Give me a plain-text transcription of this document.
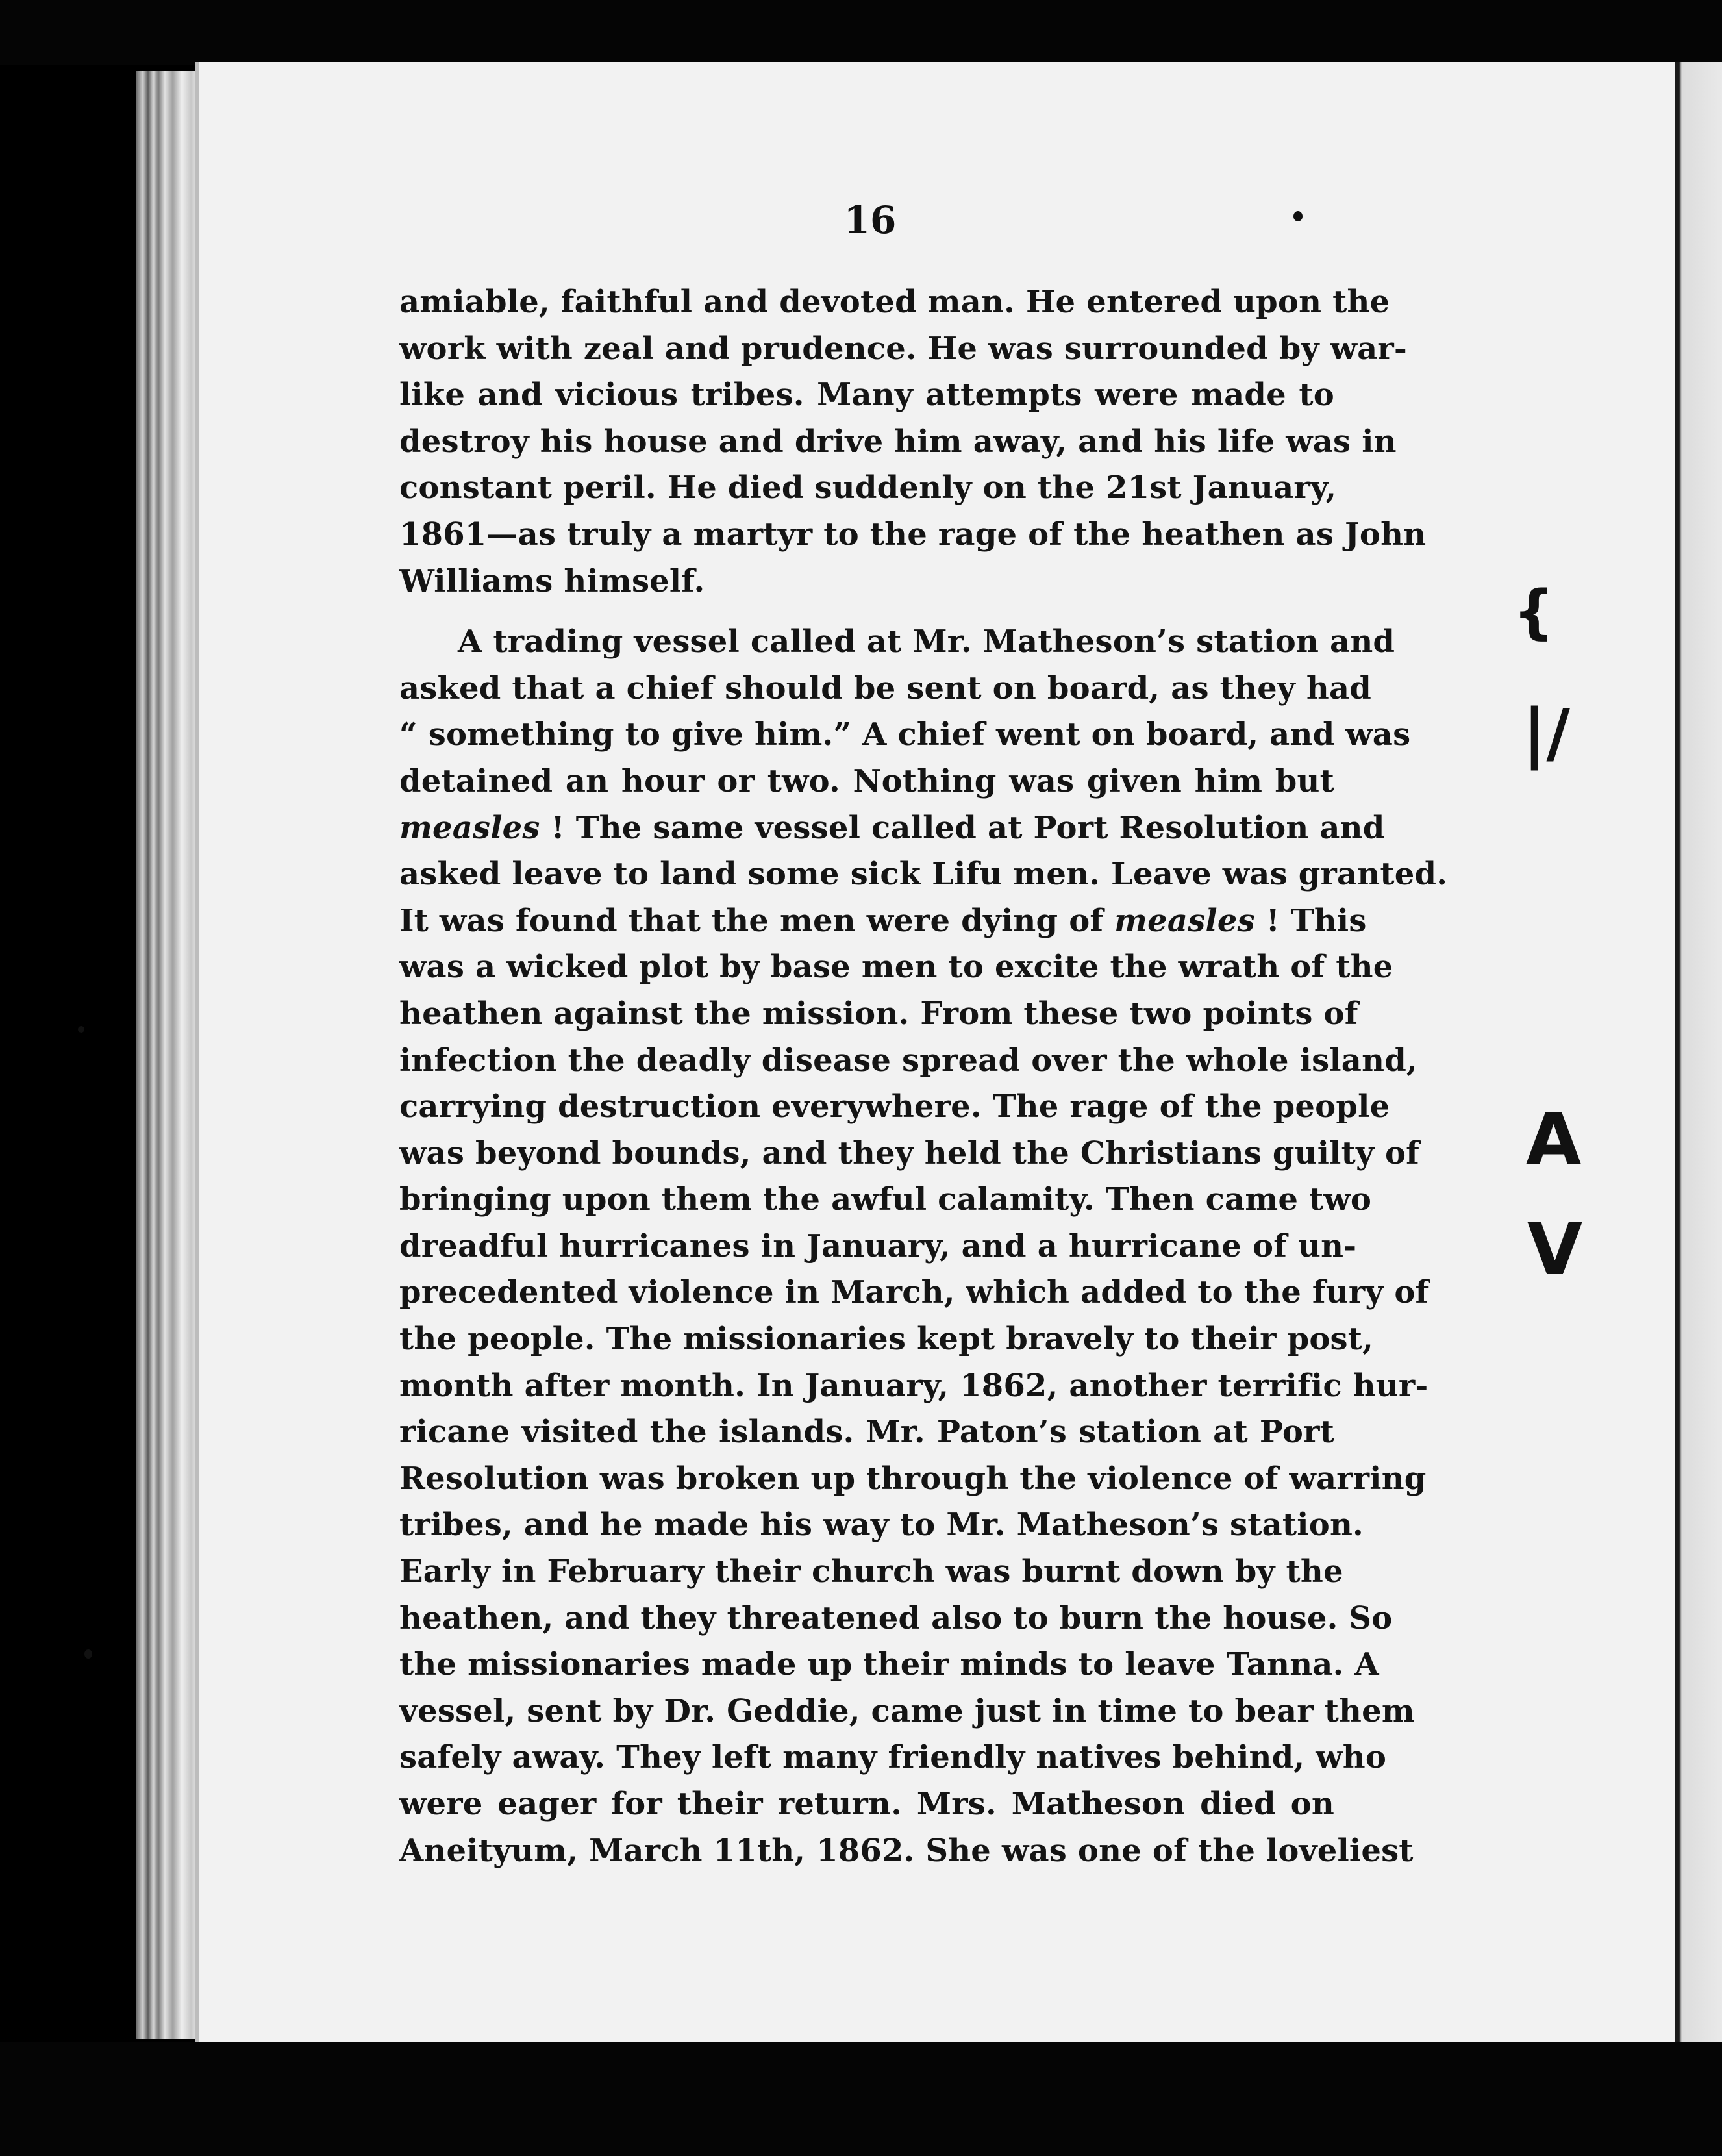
16
{
|/
A
V
amiable, faithful and devoted man. He entered upon the
work with zeal and prudence. He was surrounded by war-
like and vicious tribes. Many attempts were made to
destroy his house and drive him away, and his life was in
constant peril. He died suddenly on the 21st January,
1861—as truly a martyr to the rage of the heathen as John
Williams himself.
A trading vessel called at Mr. Matheson’s station and
asked that a chief should be sent on board, as they had
“ something to give him.” A chief went on board, and was
detained an hour or two. Nothing was given him but
measles ! The same vessel called at Port Resolution and
asked leave to land some sick Lifu men. Leave was granted.
It was found that the men were dying of measles ! This
was a wicked plot by base men to excite the wrath of the
heathen against the mission. From these two points of
infection the deadly disease spread over the whole island,
carrying destruction everywhere. The rage of the people
was beyond bounds, and they held the Christians guilty of
bringing upon them the awful calamity. Then came two
dreadful hurricanes in January, and a hurricane of un-
precedented violence in March, which added to the fury of
the people. The missionaries kept bravely to their post,
month after month. In January, 1862, another terrific hur-
ricane visited the islands. Mr. Paton’s station at Port
Resolution was broken up through the violence of warring
tribes, and he made his way to Mr. Matheson’s station.
Early in February their church was burnt down by the
heathen, and they threatened also to burn the house. So
the missionaries made up their minds to leave Tanna. A
vessel, sent by Dr. Geddie, came just in time to bear them
safely away. They left many friendly natives behind, who
were eager for their return. Mrs. Matheson died on
Aneityum, March 11th, 1862. She was one of the loveliest
